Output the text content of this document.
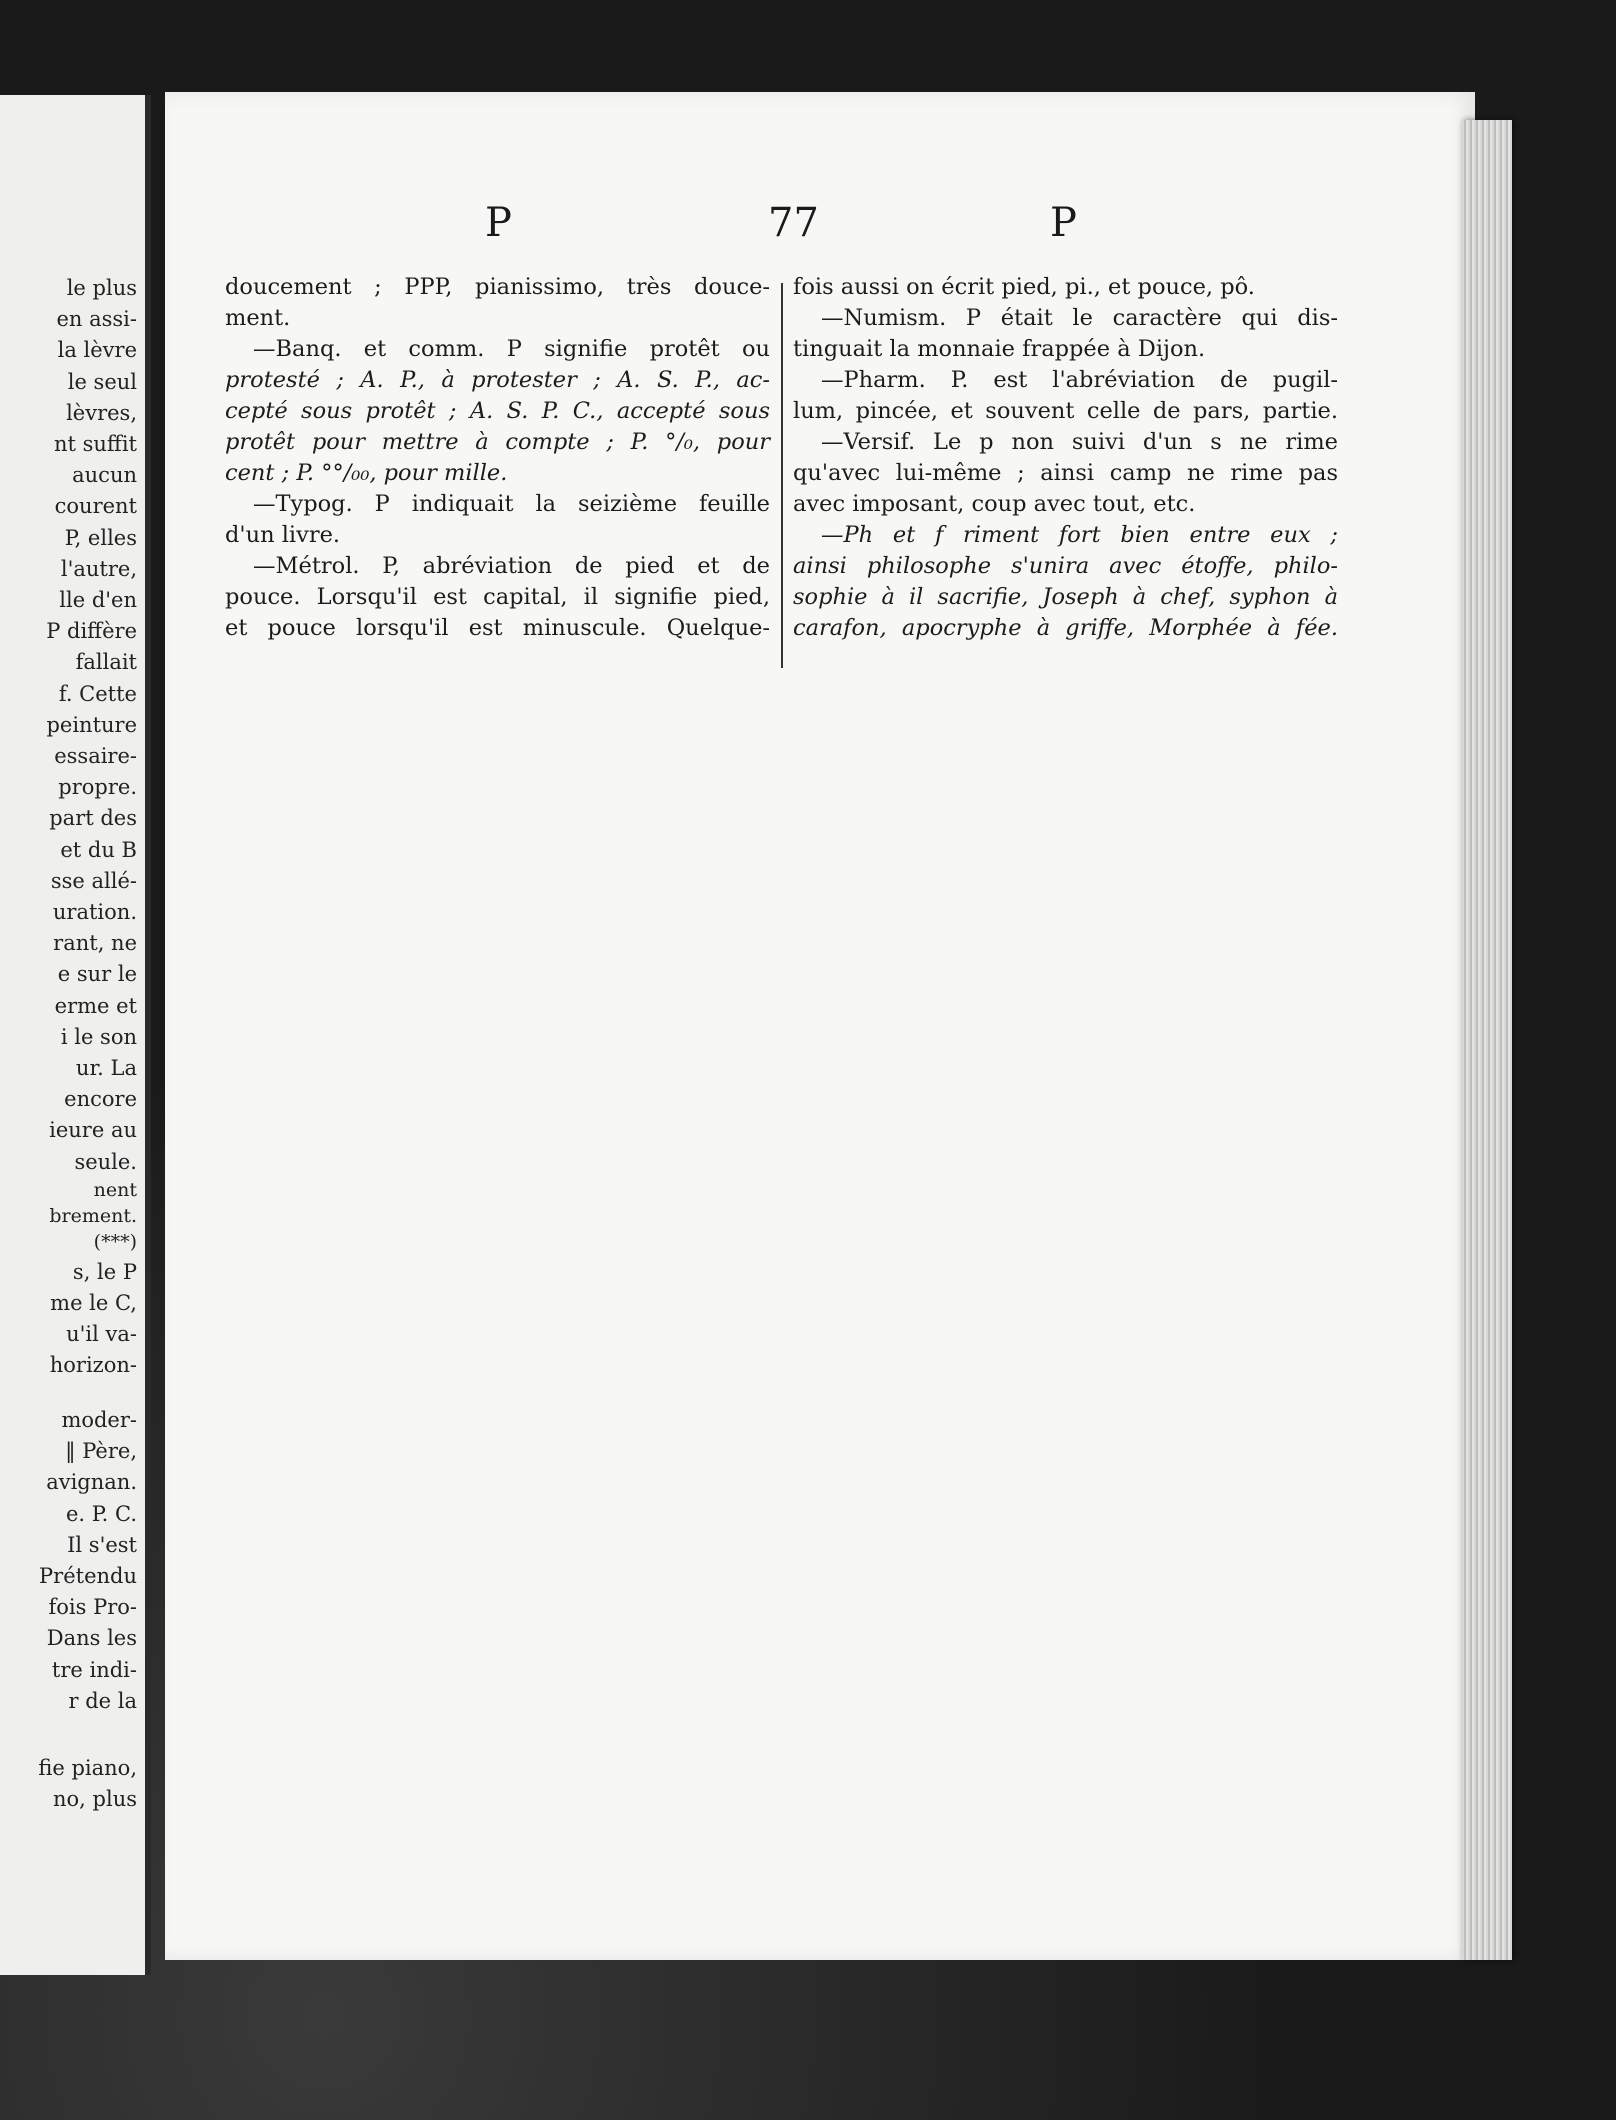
le plus
en assi-
la lèvre
le seul
lèvres,
nt suffit
aucun
courent
P, elles
l'autre,
lle d'en
P diffère
fallait
f. Cette
peinture
essaire-
propre.
part des
et du B
sse allé-
uration.
rant, ne
e sur le
erme et
i le son
ur. La
encore
ieure au
seule.
nent
brement.
(***)
s, le P
me le C,
u'il va-
horizon-
moder-
‖ Père,
avignan.
e. P. C.
Il s'est
Prétendu
fois Pro-
Dans les
tre indi-
r de la
fie piano,
no, plus
P	77	P
doucement ; PPP, pianissimo, très douce-
ment.
—Banq. et comm. P signifie protêt ou
protesté ; A. P., à protester ; A. S. P., ac-
cepté sous protêt ; A. S. P. C., accepté sous
protêt pour mettre à compte ; P. °/₀, pour
cent ; P. °°/₀₀, pour mille.
—Typog. P indiquait la seizième feuille
d'un livre.
—Métrol. P, abréviation de pied et de
pouce. Lorsqu'il est capital, il signifie pied,
et pouce lorsqu'il est minuscule. Quelque-
fois aussi on écrit pied, pi., et pouce, pô.
—Numism. P était le caractère qui dis-
tinguait la monnaie frappée à Dijon.
—Pharm. P. est l'abréviation de pugil-
lum, pincée, et souvent celle de pars, partie.
—Versif. Le p non suivi d'un s ne rime
qu'avec lui-même ; ainsi camp ne rime pas
avec imposant, coup avec tout, etc.
—Ph et f riment fort bien entre eux ;
ainsi philosophe s'unira avec étoffe, philo-
sophie à il sacrifie, Joseph à chef, syphon à
carafon, apocryphe à griffe, Morphée à fée.
